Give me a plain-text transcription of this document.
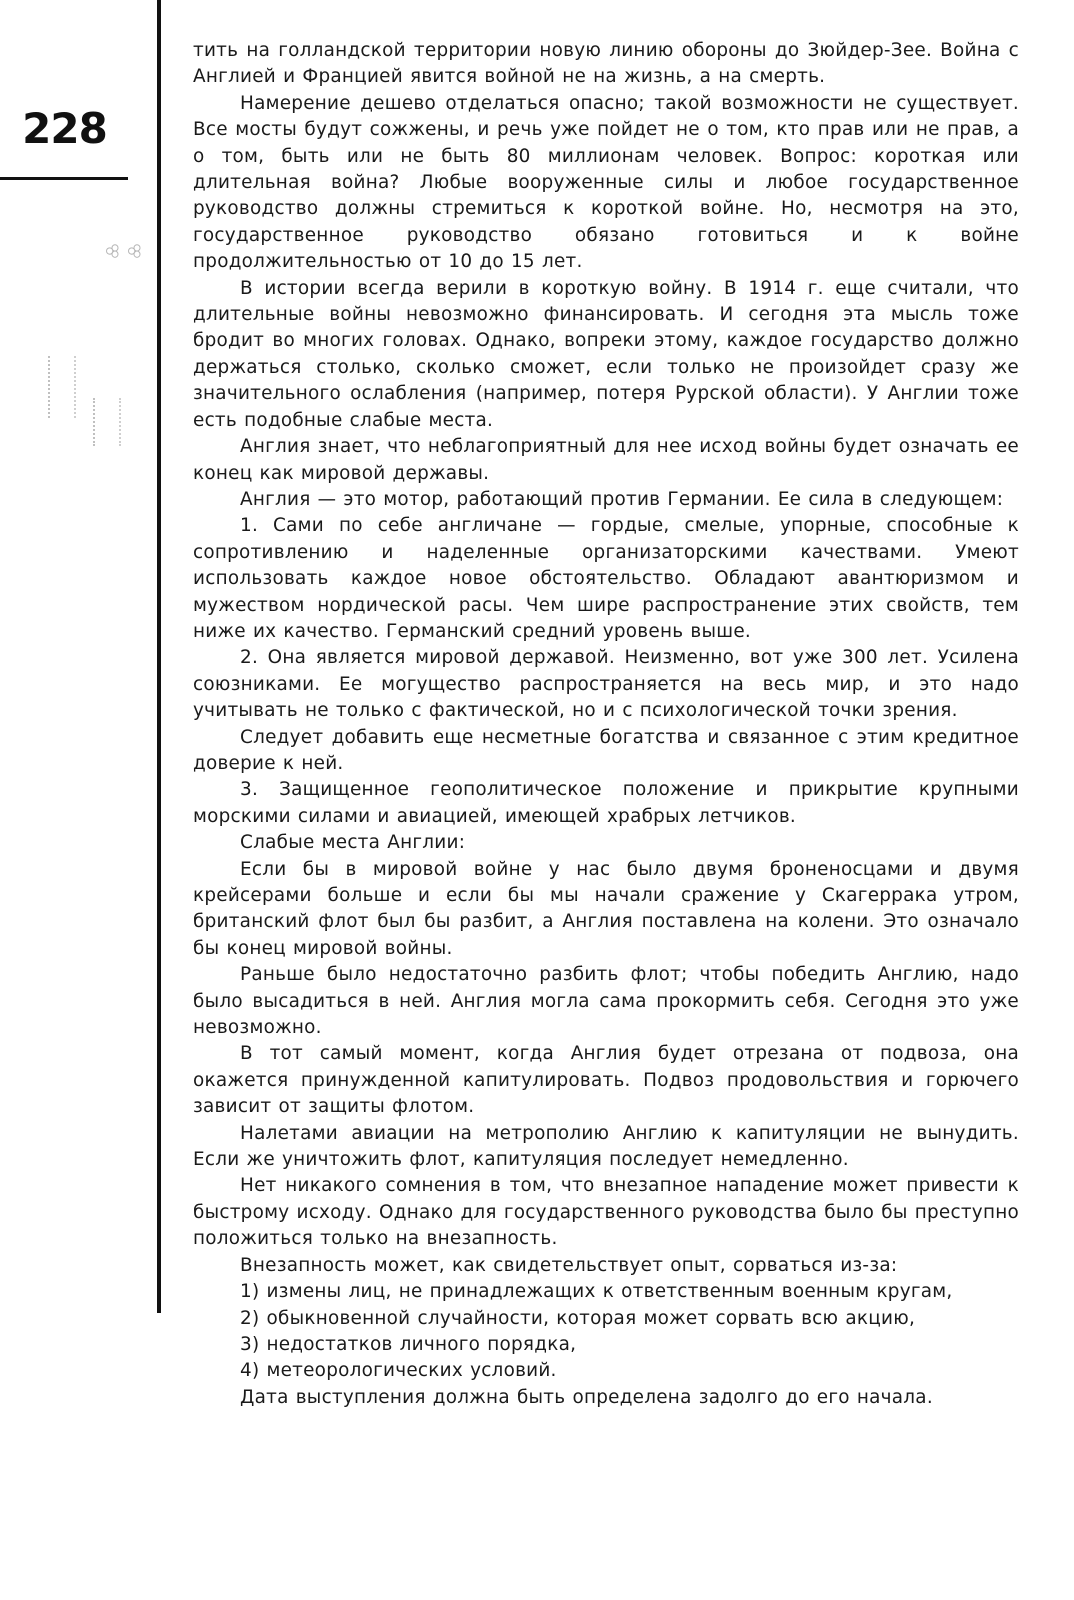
228
ꕢ ꕢ

тить на голландской территории новую линию обороны до Зюйдер-Зее. Война с Англией и Францией явится войной не на жизнь, а на смерть.

Намерение дешево отделаться опасно; такой возможности не существует. Все мосты будут сожжены, и речь уже пойдет не о том, кто прав или не прав, а о том, быть или не быть 80 миллионам человек. Вопрос: короткая или длительная война? Любые вооруженные силы и любое государственное руководство должны стремиться к короткой войне. Но, несмотря на это, государственное руководство обязано готовиться и к войне продолжительностью от 10 до 15 лет.

В истории всегда верили в короткую войну. В 1914 г. еще считали, что длительные войны невозможно финансировать. И сегодня эта мысль тоже бродит во многих головах. Однако, вопреки этому, каждое государство должно держаться столько, сколько сможет, если только не произойдет сразу же значительного ослабления (например, потеря Рурской области). У Англии тоже есть подобные слабые места.

Англия знает, что неблагоприятный для нее исход войны будет означать ее конец как мировой державы.

Англия — это мотор, работающий против Германии. Ее сила в следующем:

1. Сами по себе англичане — гордые, смелые, упорные, способные к сопротивлению и наделенные организаторскими качествами. Умеют использовать каждое новое обстоятельство. Обладают авантюризмом и мужеством нордической расы. Чем шире распространение этих свойств, тем ниже их качество. Германский средний уровень выше.

2. Она является мировой державой. Неизменно, вот уже 300 лет. Усилена союзниками. Ее могущество распространяется на весь мир, и это надо учитывать не только с фактической, но и с психологической точки зрения.

Следует добавить еще несметные богатства и связанное с этим кредитное доверие к ней.

3. Защищенное геополитическое положение и прикрытие крупными морскими силами и авиацией, имеющей храбрых летчиков.

Слабые места Англии:

Если бы в мировой войне у нас было двумя броненосцами и двумя крейсерами больше и если бы мы начали сражение у Скагеррака утром, британский флот был бы разбит, а Англия поставлена на колени. Это означало бы конец мировой войны.

Раньше было недостаточно разбить флот; чтобы победить Англию, надо было высадиться в ней. Англия могла сама прокормить себя. Сегодня это уже невозможно.

В тот самый момент, когда Англия будет отрезана от подвоза, она окажется принужденной капитулировать. Подвоз продовольствия и горючего зависит от защиты флотом.

Налетами авиации на метрополию Англию к капитуляции не вынудить. Если же уничтожить флот, капитуляция последует немедленно.

Нет никакого сомнения в том, что внезапное нападение может привести к быстрому исходу. Однако для государственного руководства было бы преступно положиться только на внезапность.

Внезапность может, как свидетельствует опыт, сорваться из-за:

1) измены лиц, не принадлежащих к ответственным военным кругам,

2) обыкновенной случайности, которая может сорвать всю акцию,

3) недостатков личного порядка,

4) метеорологических условий.

Дата выступления должна быть определена задолго до его начала.
